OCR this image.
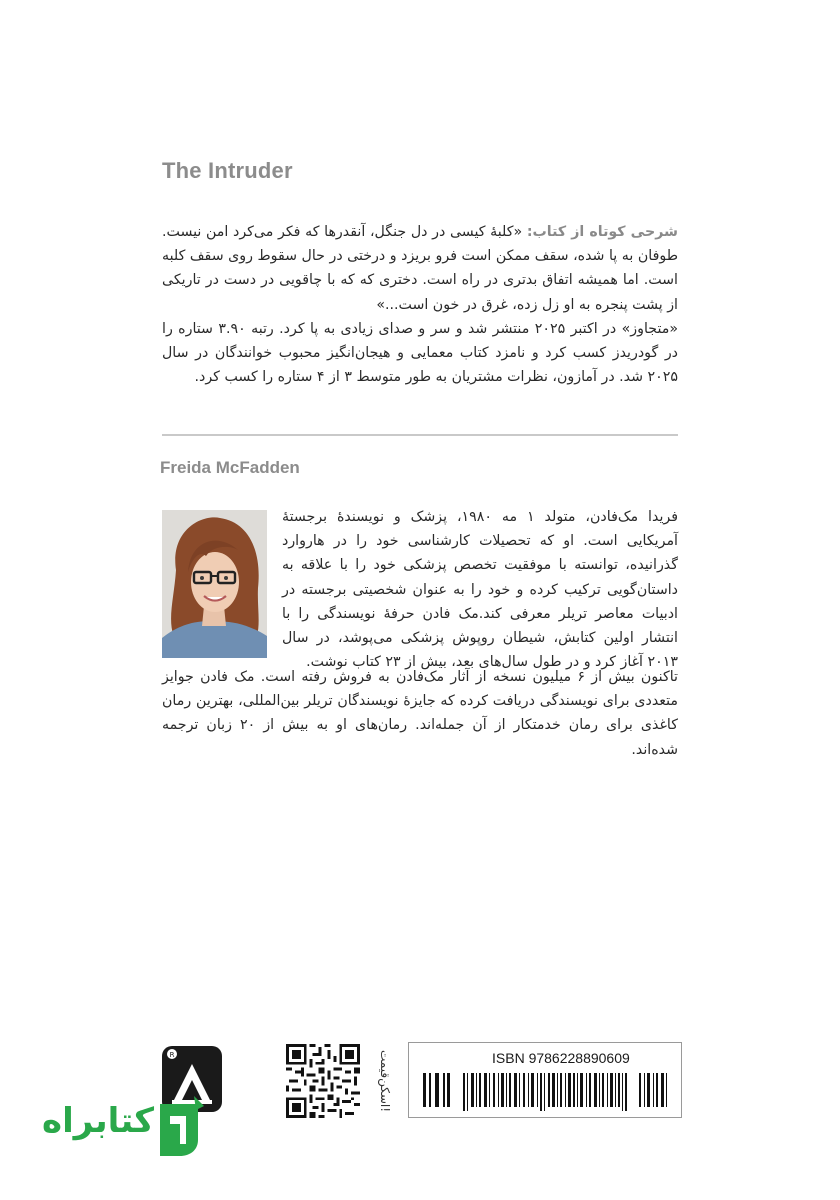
The Intruder
شرحی کوتاه از کتاب: «کلبهٔ کیسی در دل جنگل، آنقدرها که فکر می‌کرد امن نیست. طوفان به پا شده، سقف ممکن است فرو بریزد و درختی در حال سقوط روی سقف کلبه است. اما همیشه اتفاق بدتری در راه است. دختری که که با چاقویی در دست در تاریکی از پشت پنجره به او زل زده، غرق در خون است...»
«متجاوز» در اکتبر ۲۰۲۵ منتشر شد و سر و صدای زیادی به پا کرد. رتبه ۳.۹۰ ستاره را در گودریدز کسب کرد و نامزد کتاب معمایی و هیجان‌انگیز محبوب خوانندگان در سال ۲۰۲۵ شد. در آمازون، نظرات مشتریان به طور متوسط ۳ از ۴ ستاره را کسب کرد.
Freida McFadden
فریدا مک‌فادن، متولد ۱ مه ۱۹۸۰، پزشک و نویسندهٔ برجستهٔ آمریکایی است. او که تحصیلات کارشناسی خود را در هاروارد گذرانیده، توانسته با موفقیت تخصص پزشکی خود را با علاقه به داستان‌گویی ترکیب کرده و خود را به عنوان شخصیتی برجسته در ادبیات معاصر تریلر معرفی کند.مک فادن حرفهٔ نویسندگی را با انتشار اولین کتابش، شیطان روپوش پزشکی می‌پوشد، در سال ۲۰۱۳ آغاز کرد و در طول سال‌های بعد، بیش از ۲۳ کتاب نوشت.
تاکنون بیش از ۶ میلیون نسخه از آثار مک‌فادن به فروش رفته است. مک فادن جوایز متعددی برای نویسندگی دریافت کرده که جایزهٔ نویسندگان تریلر بین‌المللی، بهترین رمان کاغذی برای رمان خدمتکار از آن جمله‌اند. رمان‌های او به بیش از ۲۰ زبان ترجمه شده‌اند.
ISBN 9786228890609
اسکن‌قیمت!
R
کتابراه
